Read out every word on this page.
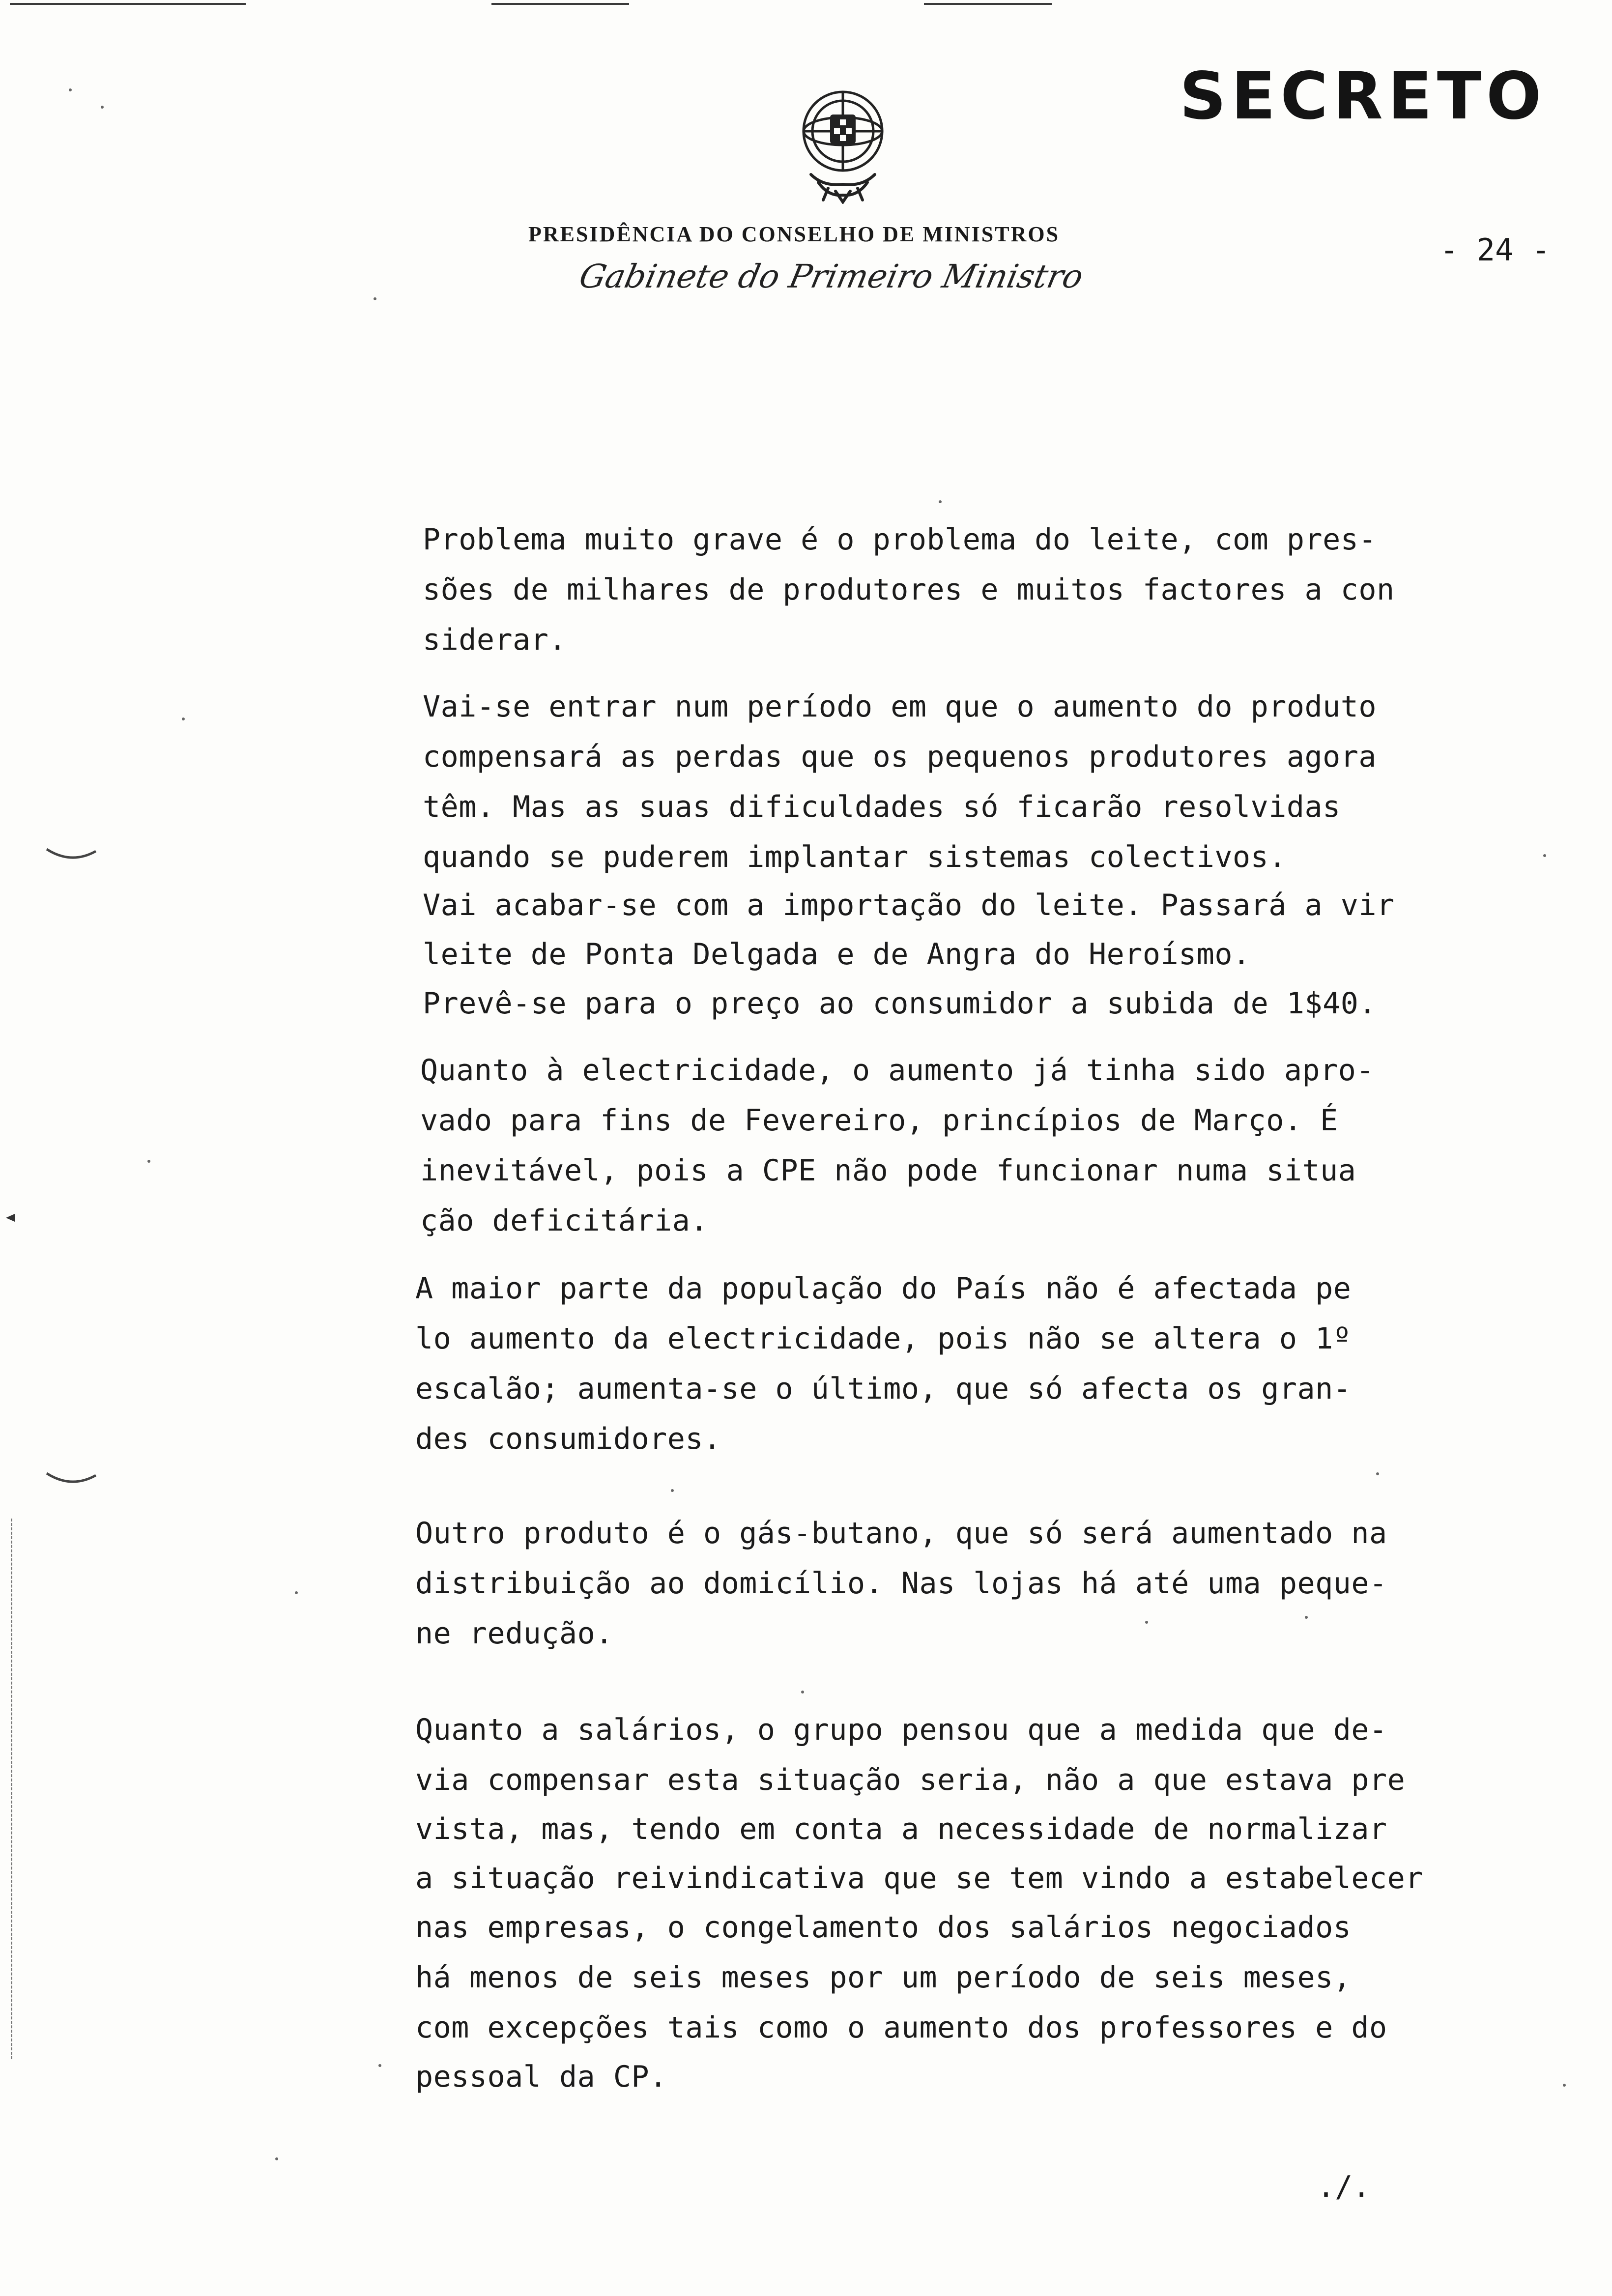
SECRETO
PRESIDÊNCIA DO CONSELHO DE MINISTROS
Gabinete do Primeiro Ministro
- 24 -
Problema muito grave é o problema do leite, com pres-
sões de milhares de produtores e muitos factores a con
siderar.
Vai-se entrar num período em que o aumento do produto
compensará as perdas que os pequenos produtores agora
têm. Mas as suas dificuldades só ficarão resolvidas
quando se puderem implantar sistemas colectivos.
Vai acabar-se com a importação do leite. Passará a vir
leite de Ponta Delgada e de Angra do Heroísmo.
Prevê-se para o preço ao consumidor a subida de 1$40.
Quanto à electricidade, o aumento já tinha sido apro-
vado para fins de Fevereiro, princípios de Março. É
inevitável, pois a CPE não pode funcionar numa situa
ção deficitária.
A maior parte da população do País não é afectada pe
lo aumento da electricidade, pois não se altera o 1º
escalão; aumenta-se o último, que só afecta os gran-
des consumidores.
Outro produto é o gás-butano, que só será aumentado na
distribuição ao domicílio. Nas lojas há até uma peque-
ne redução.
Quanto a salários, o grupo pensou que a medida que de-
via compensar esta situação seria, não a que estava pre
vista, mas, tendo em conta a necessidade de normalizar
a situação reivindicativa que se tem vindo a estabelecer
nas empresas, o congelamento dos salários negociados
há menos de seis meses por um período de seis meses,
com excepções tais como o aumento dos professores e do
pessoal da CP.
./.
